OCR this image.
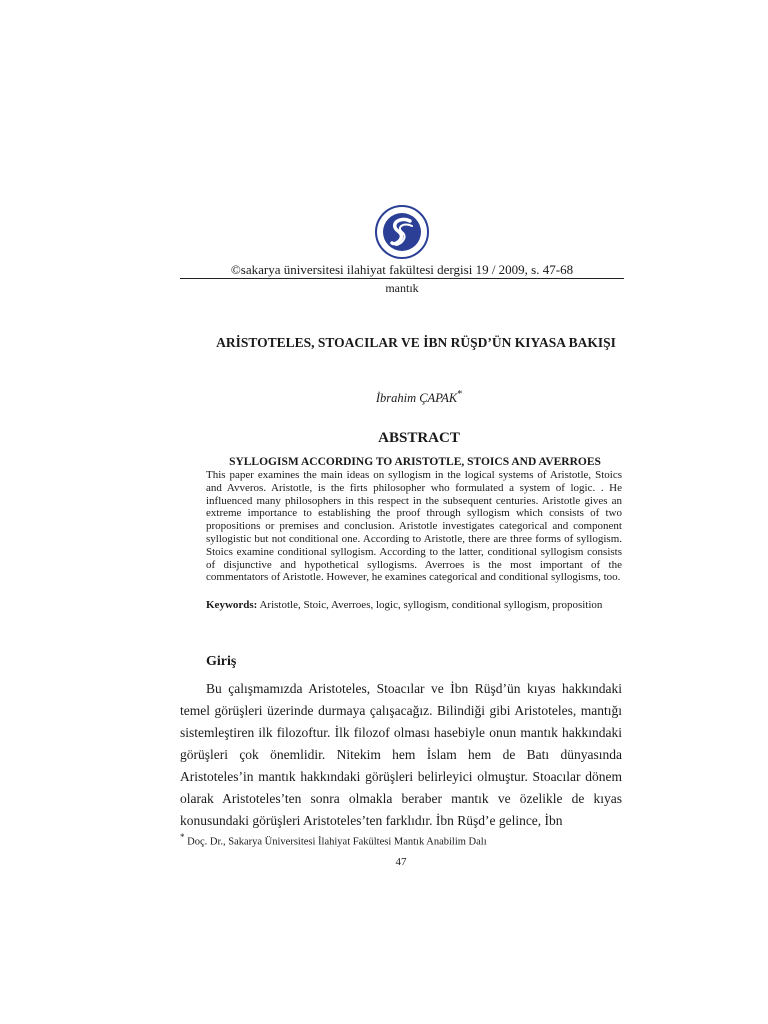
©sakarya üniversitesi ilahiyat fakültesi dergisi 19 / 2009, s. 47-68
mantık
ARİSTOTELES, STOACILAR VE İBN RÜŞD’ÜN KIYASA BAKIŞI
İbrahim ÇAPAK*
ABSTRACT
SYLLOGISM ACCORDING TO ARISTOTLE, STOICS AND AVERROES
This paper examines the main ideas on syllogism in the logical systems of Aristotle, Stoics and Avveros. Aristotle, is the firts philosopher who formulated a system of logic. . He influenced many philosophers in this respect in the subsequent centuries. Aristotle gives an extreme importance to establishing the proof through syllogism which consists of two propositions or premises and conclusion. Aristotle investigates categorical and component syllogistic but not conditional one. According to Aristotle, there are three forms of syllogism. Stoics examine conditional syllogism. According to the latter, conditional syllogism consists of disjunctive and hypothetical syllogisms. Averroes is the most important of the commentators of Aristotle. However, he examines categorical and conditional syllogisms, too.
Keywords: Aristotle, Stoic, Averroes, logic, syllogism, conditional syllogism, proposition
Giriş

Bu çalışmamızda Aristoteles, Stoacılar ve İbn Rüşd’ün kıyas hakkındaki temel görüşleri üzerinde durmaya çalışacağız. Bilindiği gibi Aristoteles, mantığı sistemleştiren ilk filozoftur. İlk filozof olması hasebiyle onun mantık hakkındaki görüşleri çok önemlidir. Nitekim hem İslam hem de Batı dünyasında Aristoteles’in mantık hakkındaki görüşleri belirleyici olmuştur. Stoacılar dönem olarak Aristoteles’ten sonra olmakla beraber mantık ve özelikle de kıyas konusundaki görüşleri Aristoteles’ten farklıdır. İbn Rüşd’e gelince, İbn

* Doç. Dr., Sakarya Üniversitesi İlahiyat Fakültesi Mantık Anabilim Dalı
47
